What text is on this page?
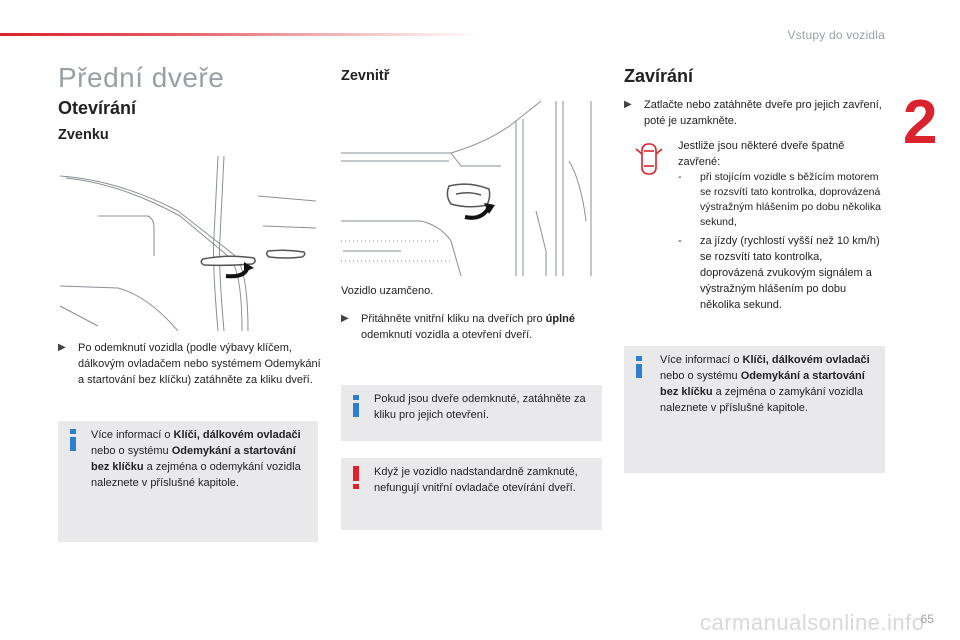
Vstupy do vozidla
2
Přední dveře
Otevírání
Zvenku
▶ Po odemknutí vozidla (podle výbavy klíčem, dálkovým ovladačem nebo systémem Odemykání a startování bez klíčku) zatáhněte za kliku dveří.
Více informací o Klíči, dálkovém ovladači nebo o systému Odemykání a startování bez klíčku a zejména o odemykání vozidla naleznete v příslušné kapitole.
Zevnitř
Vozidlo uzamčeno.
▶ Přitáhněte vnitřní kliku na dveřích pro úplné odemknutí vozidla a otevření dveří.
Pokud jsou dveře odemknuté, zatáhněte za kliku pro jejich otevření.
Když je vozidlo nadstandardně zamknuté, nefungují vnitřní ovladače otevírání dveří.
Zavírání
▶ Zatlačte nebo zatáhněte dveře pro jejich zavření, poté je uzamkněte.
Jestliže jsou některé dveře špatně zavřené:
- při stojícím vozidle s běžícím motorem se rozsvítí tato kontrolka, doprovázená výstražným hlášením po dobu několika sekund,
- za jízdy (rychlostí vyšší než 10 km/h) se rozsvítí tato kontrolka, doprovázená zvukovým signálem a výstražným hlášením po dobu několika sekund.
Více informací o Klíči, dálkovém ovladači nebo o systému Odemykání a startování bez klíčku a zejména o zamykání vozidla naleznete v příslušné kapitole.
carmanualsonline.info
65
